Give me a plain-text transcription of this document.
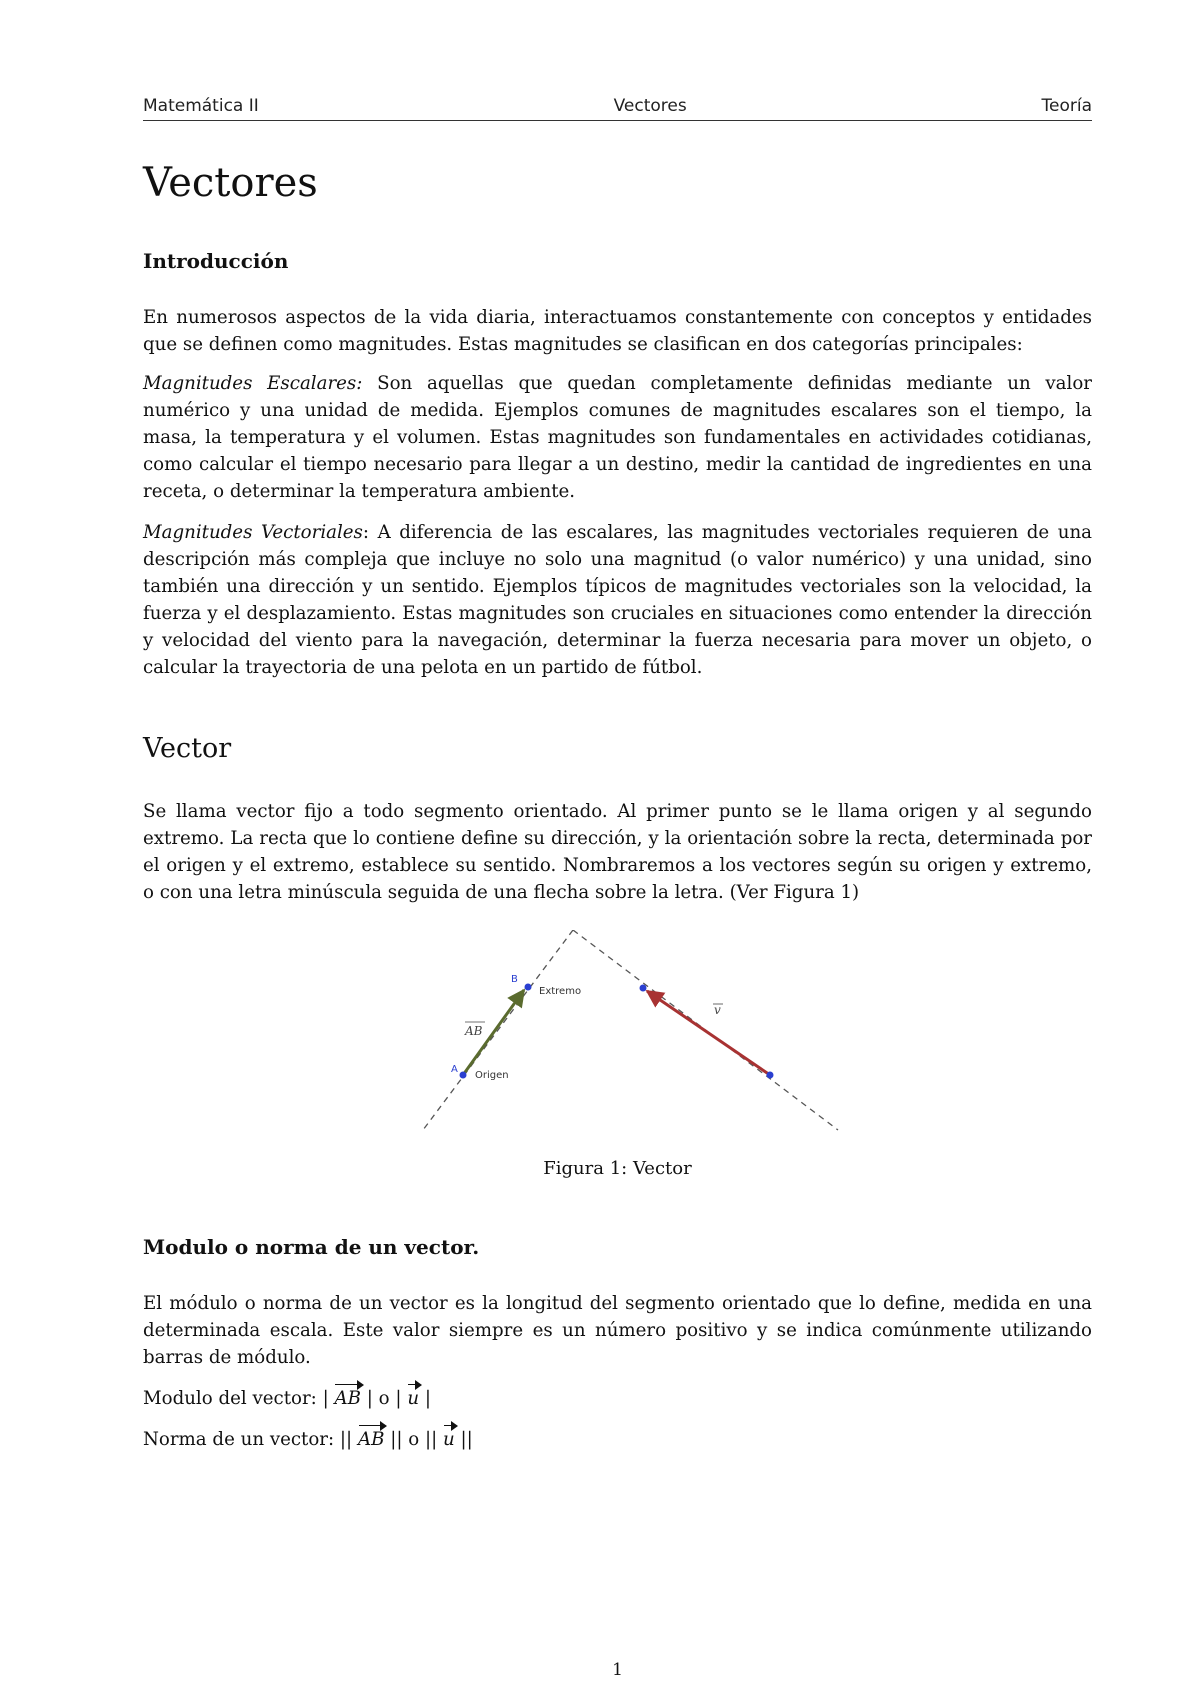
Matemática II	Vectores	Teoría
Vectores
Introducción

En numerosos aspectos de la vida diaria, interactuamos constantemente con conceptos y entidades que se definen como magnitudes. Estas magnitudes se clasifican en dos categorías principales:

Magnitudes Escalares: Son aquellas que quedan completamente definidas mediante un valor numérico y una unidad de medida. Ejemplos comunes de magnitudes escalares son el tiempo, la masa, la temperatura y el volumen. Estas magnitudes son fundamentales en actividades cotidianas, como calcular el tiempo necesario para llegar a un destino, medir la cantidad de ingredientes en una receta, o determinar la temperatura ambiente.

Magnitudes Vectoriales: A diferencia de las escalares, las magnitudes vectoriales requieren de una descripción más compleja que incluye no solo una magnitud (o valor numérico) y una unidad, sino también una dirección y un sentido. Ejemplos típicos de magnitudes vectoriales son la velocidad, la fuerza y el desplazamiento. Estas magnitudes son cruciales en situaciones como entender la dirección y velocidad del viento para la navegación, determinar la fuerza necesaria para mover un objeto, o calcular la trayectoria de una pelota en un partido de fútbol.

Vector

Se llama vector fijo a todo segmento orientado. Al primer punto se le llama origen y al segundo extremo. La recta que lo contiene define su dirección, y la orientación sobre la recta, determinada por el origen y el extremo, establece su sentido. Nombraremos a los vectores según su origen y extremo, o con una letra minúscula seguida de una flecha sobre la letra. (Ver Figura 1)

A
B
Origen
Extremo
AB
v
Figura 1: Vector
Modulo o norma de un vector.

El módulo o norma de un vector es la longitud del segmento orientado que lo define, medida en una determinada escala. Este valor siempre es un número positivo y se indica comúnmente utilizando barras de módulo.

Modulo del vector: | AB | o | u |
Norma de un vector: || AB || o || u ||
1
